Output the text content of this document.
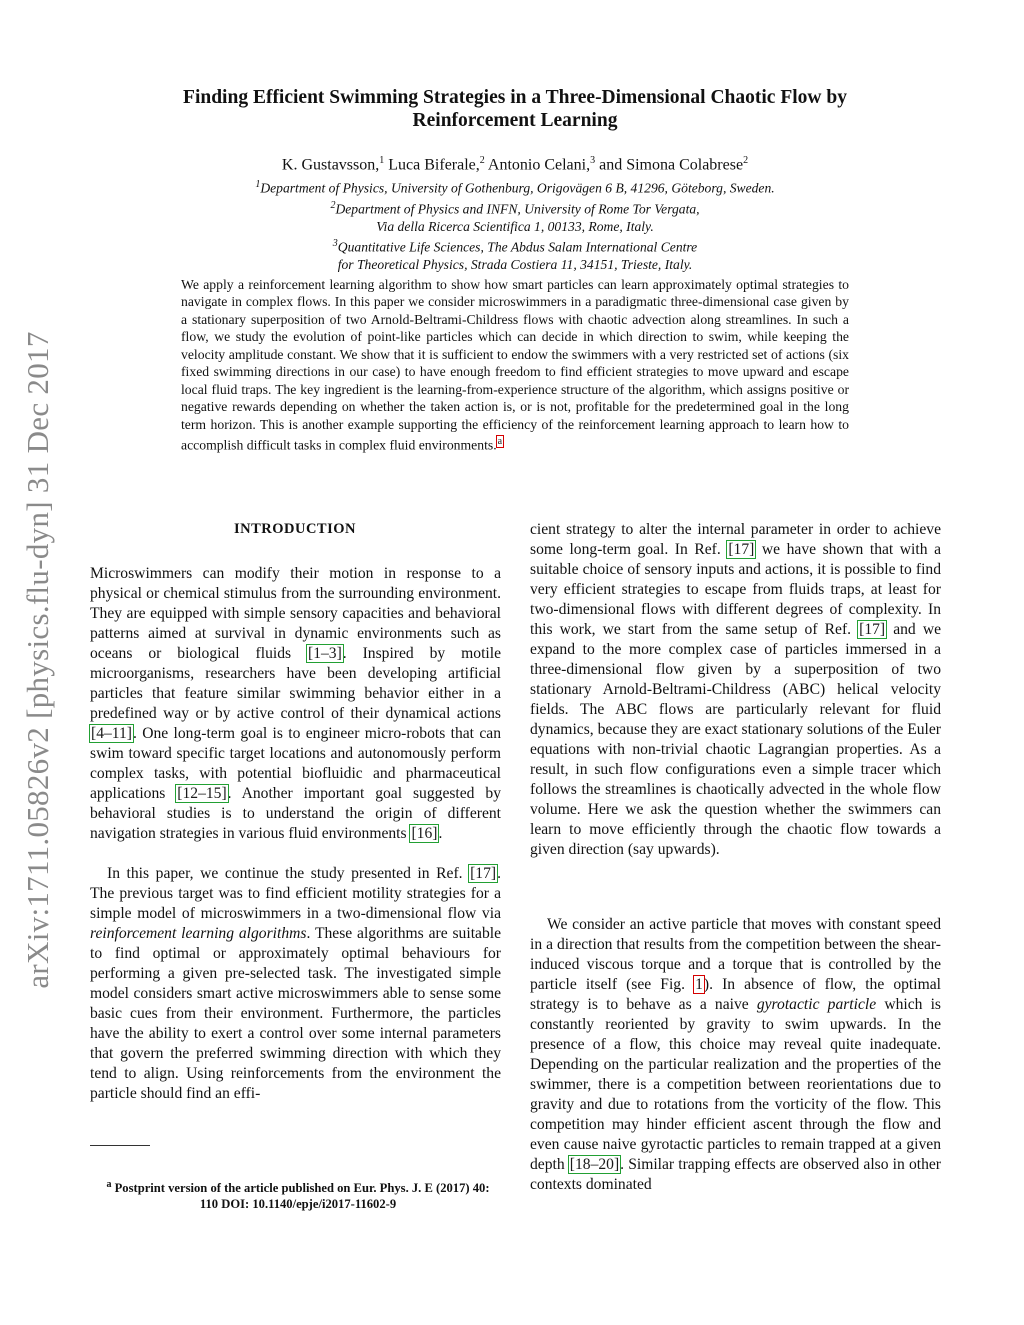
arXiv:1711.05826v2 [physics.flu-dyn] 31 Dec 2017
Finding Efficient Swimming Strategies in a Three-Dimensional Chaotic Flow by
Reinforcement Learning
K. Gustavsson,$^1$ Luca Biferale,$^2$ Antonio Celani,$^3$ and Simona Colabrese$^2$
$^1$Department of Physics, University of Gothenburg, Origovägen 6 B, 41296, Göteborg, Sweden.
$^2$Department of Physics and INFN, University of Rome Tor Vergata,
Via della Ricerca Scientifica 1, 00133, Rome, Italy.
$^3$Quantitative Life Sciences, The Abdus Salam International Centre
for Theoretical Physics, Strada Costiera 11, 34151, Trieste, Italy.
We apply a reinforcement learning algorithm to show how smart particles can learn approximately optimal strategies to navigate in complex flows. In this paper we consider microswimmers in a paradigmatic three-dimensional case given by a stationary superposition of two Arnold-Beltrami-Childress flows with chaotic advection along streamlines. In such a flow, we study the evolution of point-like particles which can decide in which direction to swim, while keeping the velocity amplitude constant. We show that it is sufficient to endow the swimmers with a very restricted set of actions (six fixed swimming directions in our case) to have enough freedom to find efficient strategies to move upward and escape local fluid traps. The key ingredient is the learning-from-experience structure of the algorithm, which assigns positive or negative rewards depending on whether the taken action is, or is not, profitable for the predetermined goal in the long term horizon. This is another example supporting the efficiency of the reinforcement learning approach to learn how to accomplish difficult tasks in complex fluid environments.$^a$
INTRODUCTION

Microswimmers can modify their motion in response to a physical or chemical stimulus from the surrounding environment. They are equipped with simple sensory capacities and behavioral patterns aimed at survival in dynamic environments such as oceans or biological fluids [1–3]. Inspired by motile microorganisms, researchers have been developing artificial particles that feature similar swimming behavior either in a predefined way or by active control of their dynamical actions [4–11]. One long-term goal is to engineer micro-robots that can swim toward specific target locations and autonomously perform complex tasks, with potential biofluidic and pharmaceutical applications [12–15]. Another important goal suggested by behavioral studies is to understand the origin of different navigation strategies in various fluid environments [16].

In this paper, we continue the study presented in Ref. [17]. The previous target was to find efficient motility strategies for a simple model of microswimmers in a two-dimensional flow via reinforcement learning algorithms. These algorithms are suitable to find optimal or approximately optimal behaviours for performing a given pre-selected task. The investigated simple model considers smart active microswimmers able to sense some basic cues from their environment. Furthermore, the particles have the ability to exert a control over some internal parameters that govern the preferred swimming direction with which they tend to align. Using reinforcements from the environment the particle should find an effi-

cient strategy to alter the internal parameter in order to achieve some long-term goal. In Ref. [17] we have shown that with a suitable choice of sensory inputs and actions, it is possible to find very efficient strategies to escape from fluids traps, at least for two-dimensional flows with different degrees of complexity. In this work, we start from the same setup of Ref. [17] and we expand to the more complex case of particles immersed in a three-dimensional flow given by a superposition of two stationary Arnold-Beltrami-Childress (ABC) helical velocity fields. The ABC flows are particularly relevant for fluid dynamics, because they are exact stationary solutions of the Euler equations with non-trivial chaotic Lagrangian properties. As a result, in such flow configurations even a simple tracer which follows the streamlines is chaotically advected in the whole flow volume. Here we ask the question whether the swimmers can learn to move efficiently through the chaotic flow towards a given direction (say upwards).

We consider an active particle that moves with constant speed in a direction that results from the competition between the shear-induced viscous torque and a torque that is controlled by the particle itself (see Fig. 1). In absence of flow, the optimal strategy is to behave as a naive gyrotactic particle which is constantly reoriented by gravity to swim upwards. In the presence of a flow, this choice may reveal quite inadequate. Depending on the particular realization and the properties of the swimmer, there is a competition between reorientations due to gravity and due to rotations from the vorticity of the flow. This competition may hinder efficient ascent through the flow and even cause naive gyrotactic particles to remain trapped at a given depth [18–20]. Similar trapping effects are observed also in other contexts dominated

$^a$ Postprint version of the article published on Eur. Phys. J. E (2017) 40: 110 DOI: 10.1140/epje/i2017-11602-9
